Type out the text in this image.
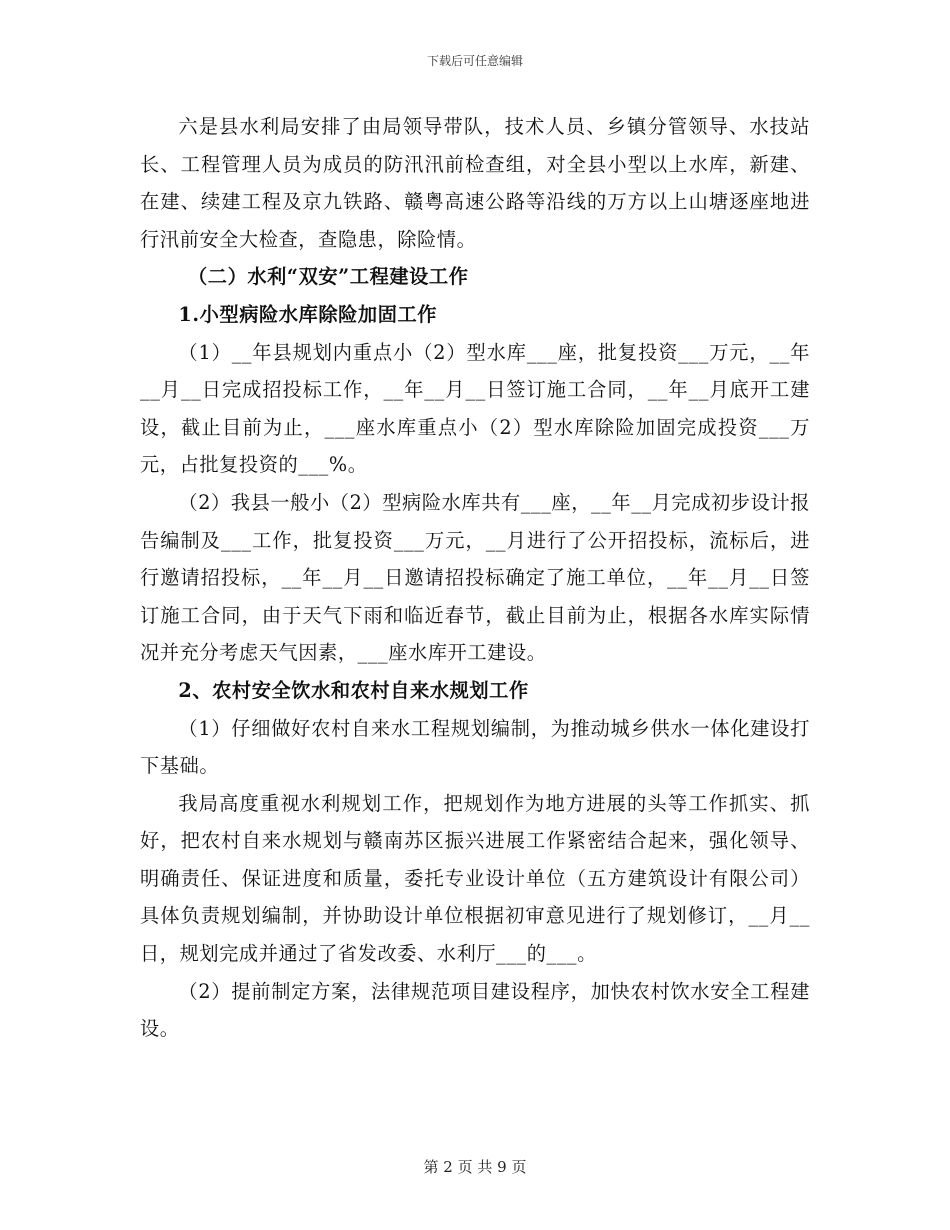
下载后可任意编辑

六是县水利局安排了由局领导带队，技术人员、乡镇分管领导、水技站长、工程管理人员为成员的防汛汛前检查组，对全县小型以上水库，新建、在建、续建工程及京九铁路、赣粤高速公路等沿线的万方以上山塘逐座地进行汛前安全大检查，查隐患，除险情。

（二）水利“双安”工程建设工作

1.小型病险水库除险加固工作

（1）__年县规划内重点小（2）型水库___座，批复投资___万元，__年__月__日完成招投标工作，__年__月__日签订施工合同，__年__月底开工建设，截止目前为止，___座水库重点小（2）型水库除险加固完成投资___万元，占批复投资的___%。

（2）我县一般小（2）型病险水库共有___座，__年__月完成初步设计报告编制及___工作，批复投资___万元，__月进行了公开招投标，流标后，进行邀请招投标，__年__月__日邀请招投标确定了施工单位，__年__月__日签订施工合同，由于天气下雨和临近春节，截止目前为止，根据各水库实际情况并充分考虑天气因素，___座水库开工建设。

2、农村安全饮水和农村自来水规划工作

（1）仔细做好农村自来水工程规划编制，为推动城乡供水一体化建设打下基础。

我局高度重视水利规划工作，把规划作为地方进展的头等工作抓实、抓好，把农村自来水规划与赣南苏区振兴进展工作紧密结合起来，强化领导、明确责任、保证进度和质量，委托专业设计单位（五方建筑设计有限公司）具体负责规划编制，并协助设计单位根据初审意见进行了规划修订，__月__日，规划完成并通过了省发改委、水利厅___的___。

（2）提前制定方案，法律规范项目建设程序，加快农村饮水安全工程建设。

第 2 页 共 9 页
